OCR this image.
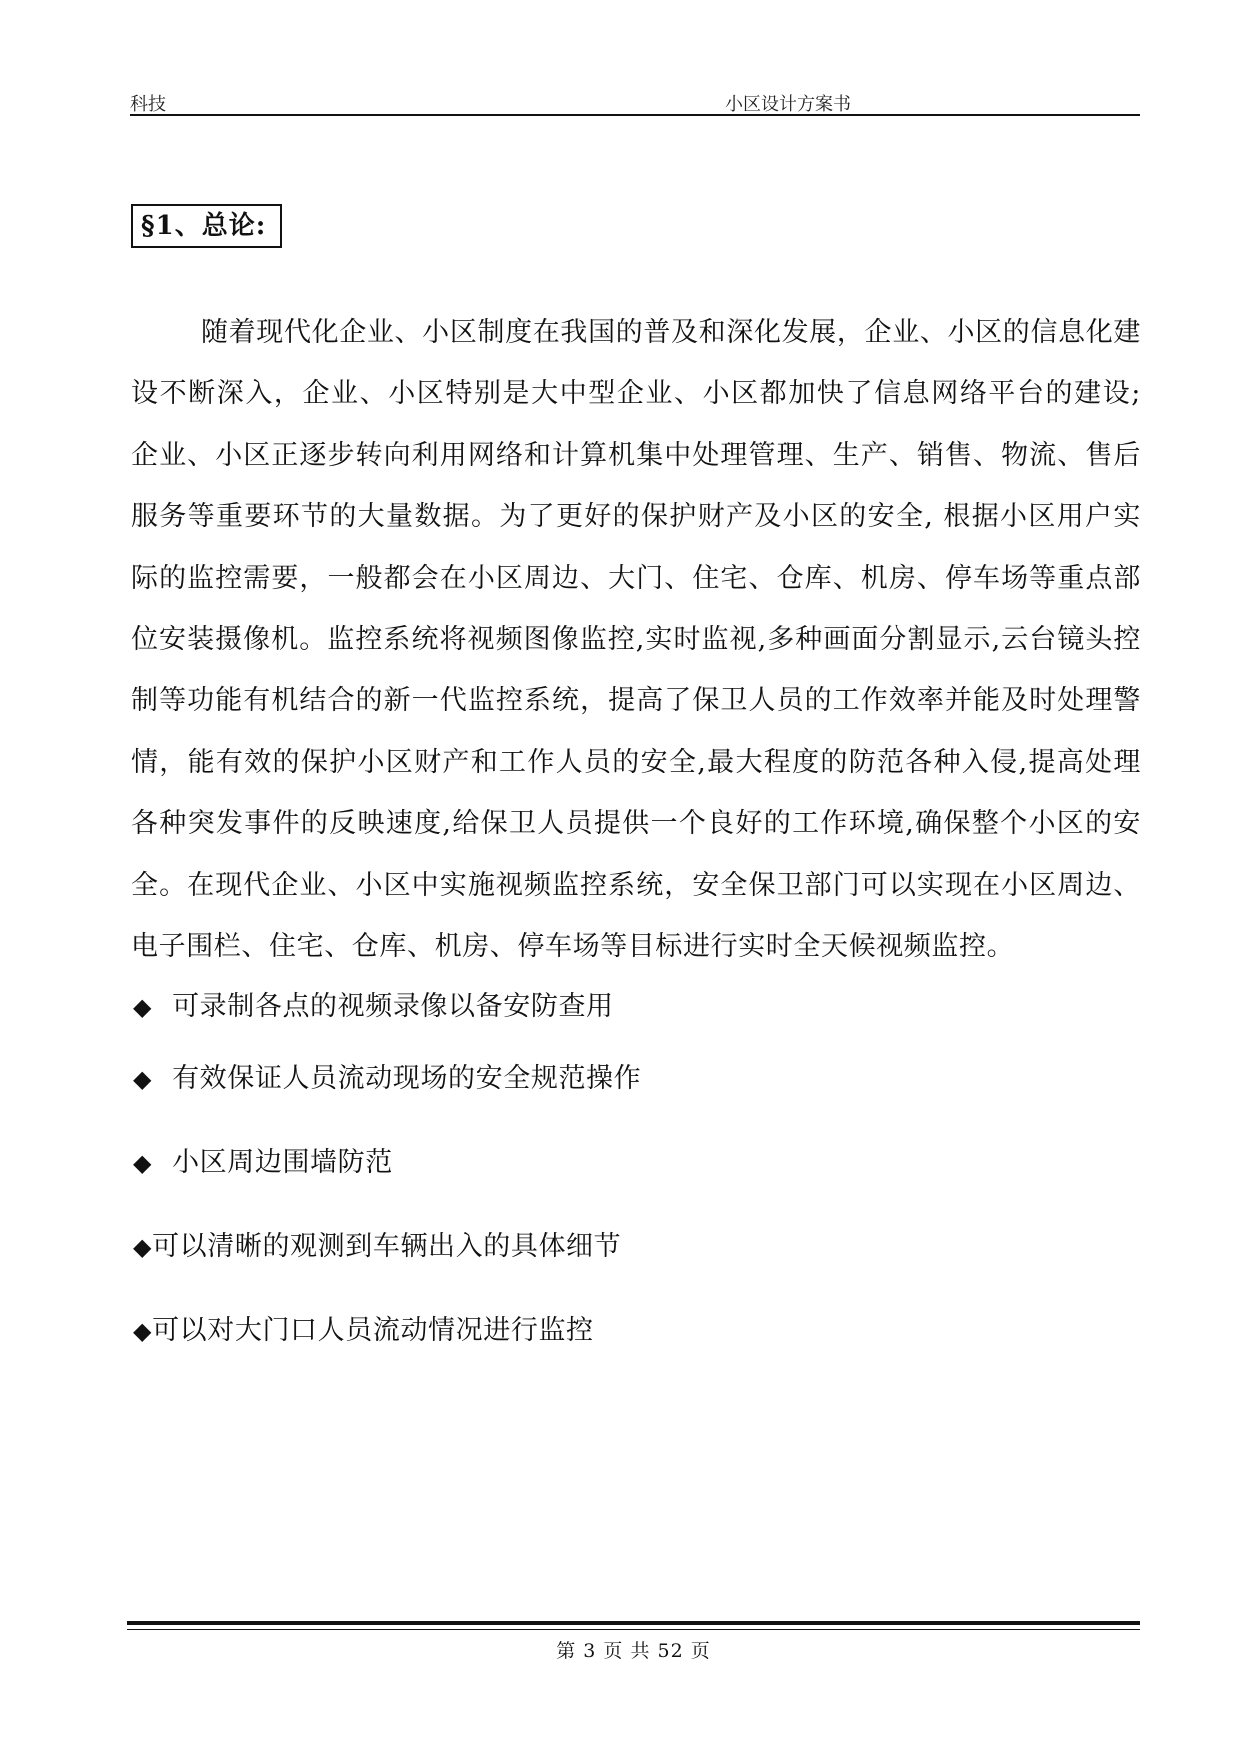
科技	小区设计方案书
§1、总论:

随着现代化企业、小区制度在我国的普及和深化发展，企业、小区的信息化建设不断深入，企业、小区特别是大中型企业、小区都加快了信息网络平台的建设; 企业、小区正逐步转向利用网络和计算机集中处理管理、生产、销售、物流、售后服务等重要环节的大量数据。为了更好的保护财产及小区的安全, 根据小区用户实际的监控需要，一般都会在小区周边、大门、住宅、仓库、机房、停车场等重点部位安装摄像机。监控系统将视频图像监控,实时监视,多种画面分割显示,云台镜头控制等功能有机结合的新一代监控系统，提高了保卫人员的工作效率并能及时处理警情，能有效的保护小区财产和工作人员的安全,最大程度的防范各种入侵,提高处理各种突发事件的反映速度,给保卫人员提供一个良好的工作环境,确保整个小区的安全。在现代企业、小区中实施视频监控系统，安全保卫部门可以实现在小区周边、电子围栏、住宅、仓库、机房、停车场等目标进行实时全天候视频监控。

◆ 可录制各点的视频录像以备安防查用
◆ 有效保证人员流动现场的安全规范操作
◆ 小区周边围墙防范
◆可以清晰的观测到车辆出入的具体细节
◆可以对大门口人员流动情况进行监控
第 3 页 共 52 页
